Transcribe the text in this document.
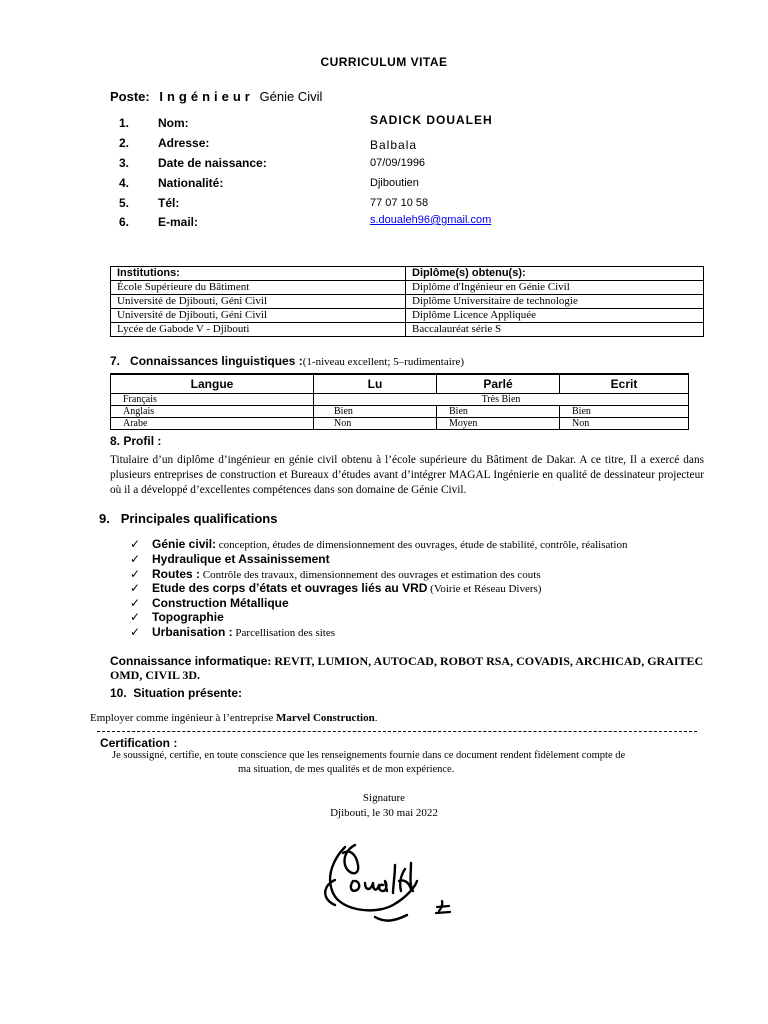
CURRICULUM VITAE
Poste: Ingénieur Génie Civil
1. Nom:	SADICK DOUALEH
2. Adresse:	Balbala
3. Date de naissance:	07/09/1996
4. Nationalité:	Djiboutien
5. Tél:	77 07 10 58
6. E-mail:	s.doualeh96@gmail.com
Institutions:	Diplôme(s) obtenu(s):
École Supérieure du Bâtiment	Diplôme d'Ingénieur en Génie Civil
Université de Djibouti, Géni Civil	Diplôme Universitaire de technologie
Université de Djibouti, Géni Civil	Diplôme Licence Appliquée
Lycée de Gabode V - Djibouti	Baccalauréat série S
7. Connaissances linguistiques :(1-niveau excellent; 5–rudimentaire)
Langue	Lu	Parlé	Ecrit
Français	Très Bien		
Anglais	Bien	Bien	Bien
Arabe	Non	Moyen	Non
8. Profil :
Titulaire d’un diplôme d’ingénieur en génie civil obtenu à l’école supérieure du Bâtiment de Dakar. A ce titre, Il a exercé dans plusieurs entreprises de construction et Bureaux d’études avant d’intégrer MAGAL Ingénierie en qualité de dessinateur projecteur où il a développé d’excellentes compétences dans son domaine de Génie Civil.
9. Principales qualifications
✓ Génie civil: conception, études de dimensionnement des ouvrages, étude de stabilité, contrôle, réalisation
✓ Hydraulique et Assainissement
✓ Routes : Contrôle des travaux, dimensionnement des ouvrages et estimation des couts
✓ Etude des corps d’états et ouvrages liés au VRD (Voirie et Réseau Divers)
✓ Construction Métallique
✓ Topographie
✓ Urbanisation : Parcellisation des sites
Connaissance informatique: REVIT, LUMION, AUTOCAD, ROBOT RSA, COVADIS, ARCHICAD, GRAITEC OMD, CIVIL 3D.
10. Situation présente:
Employer comme ingénieur à l’entreprise Marvel Construction.
Certification :
Je soussigné, certifie, en toute conscience que les renseignements fournie dans ce document rendent fidèlement compte de
ma situation, de mes qualités et de mon expérience.
Signature
Djibouti, le 30 mai 2022
